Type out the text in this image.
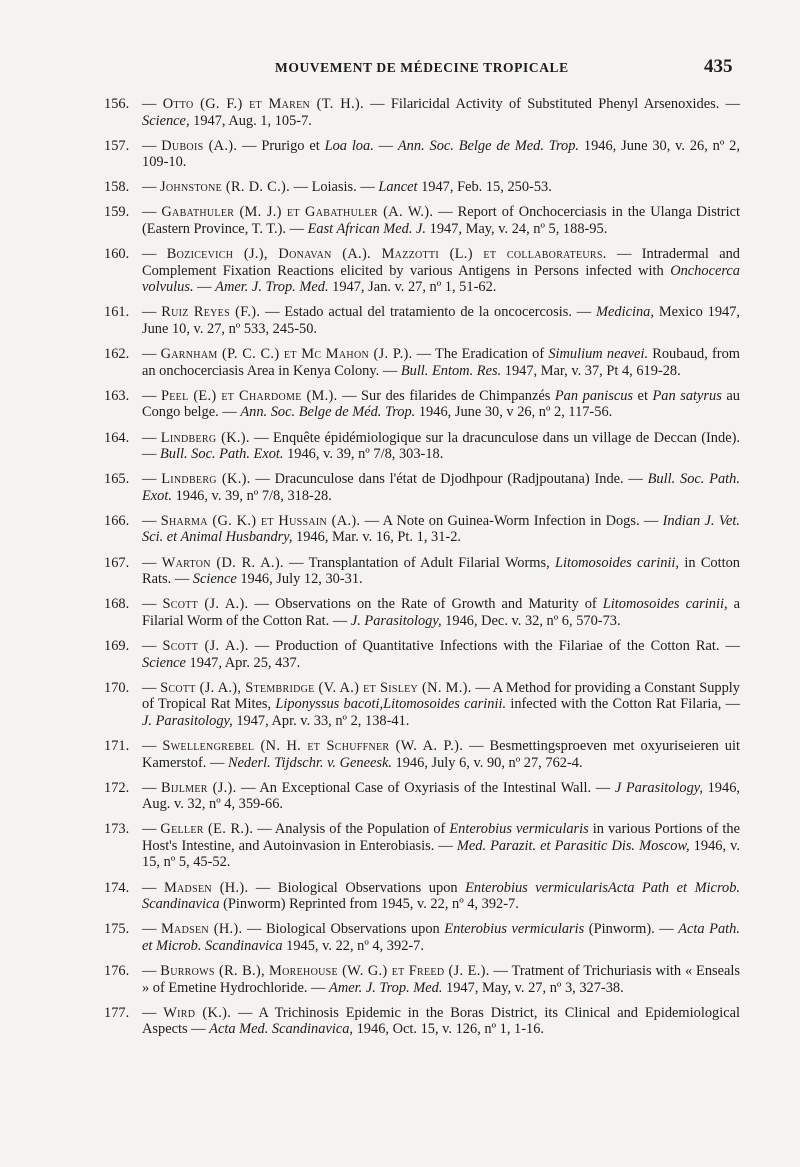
MOUVEMENT DE MÉDECINE TROPICALE	435
156. — Otto (G. F.) et Maren (T. H.). — Filaricidal Activity of Substituted Phenyl Arsenoxides. — Science, 1947, Aug. 1, 105-7.
157. — Dubois (A.). — Prurigo et Loa loa. — Ann. Soc. Belge de Med. Trop. 1946, June 30, v. 26, nº 2, 109-10.
158. — Johnstone (R. D. C.). — Loiasis. — Lancet 1947, Feb. 15, 250-53.
159. — Gabathuler (M. J.) et Gabathuler (A. W.). — Report of Onchocerciasis in the Ulanga District (Eastern Province, T. T.). — East African Med. J. 1947, May, v. 24, nº 5, 188-95.
160. — Bozicevich (J.), Donavan (A.). Mazzotti (L.) et collaborateurs. — Intradermal and Complement Fixation Reactions elicited by various Antigens in Persons infected with Onchocerca volvulus. — Amer. J. Trop. Med. 1947, Jan. v. 27, nº 1, 51-62.
161. — Ruiz Reyes (F.). — Estado actual del tratamiento de la oncocercosis. — Medicina, Mexico 1947, June 10, v. 27, nº 533, 245-50.
162. — Garnham (P. C. C.) et Mc Mahon (J. P.). — The Eradication of Simulium neavei. Roubaud, from an onchocerciasis Area in Kenya Colony. — Bull. Entom. Res. 1947, Mar, v. 37, Pt 4, 619-28.
163. — Peel (E.) et Chardome (M.). — Sur des filarides de Chimpanzés Pan paniscus et Pan satyrus au Congo belge. — Ann. Soc. Belge de Méd. Trop. 1946, June 30, v 26, nº 2, 117-56.
164. — Lindberg (K.). — Enquête épidémiologique sur la dracunculose dans un village de Deccan (Inde). — Bull. Soc. Path. Exot. 1946, v. 39, nº 7/8, 303-18.
165. — Lindberg (K.). — Dracunculose dans l'état de Djodhpour (Radjpoutana) Inde. — Bull. Soc. Path. Exot. 1946, v. 39, nº 7/8, 318-28.
166. — Sharma (G. K.) et Hussain (A.). — A Note on Guinea-Worm Infection in Dogs. — Indian J. Vet. Sci. et Animal Husbandry, 1946, Mar. v. 16, Pt. 1, 31-2.
167. — Warton (D. R. A.). — Transplantation of Adult Filarial Worms, Litomosoides carinii, in Cotton Rats. — Science 1946, July 12, 30-31.
168. — Scott (J. A.). — Observations on the Rate of Growth and Maturity of Litomosoides carinii, a Filarial Worm of the Cotton Rat. — J. Parasitology, 1946, Dec. v. 32, nº 6, 570-73.
169. — Scott (J. A.). — Production of Quantitative Infections with the Filariae of the Cotton Rat. — Science 1947, Apr. 25, 437.
170. — Scott (J. A.), Stembridge (V. A.) et Sisley (N. M.). — A Method for providing a Constant Supply of Tropical Rat Mites, Liponyssus bacoti,Litomosoides carinii. infected with the Cotton Rat Filaria, — J. Parasitology, 1947, Apr. v. 33, nº 2, 138-41.
171. — Swellengrebel (N. H. et Schuffner (W. A. P.). — Besmettingsproeven met oxyuriseieren uit Kamerstof. — Nederl. Tijdschr. v. Geneesk. 1946, July 6, v. 90, nº 27, 762-4.
172. — Bijlmer (J.). — An Exceptional Case of Oxyriasis of the Intestinal Wall. — J Parasitology, 1946, Aug. v. 32, nº 4, 359-66.
173. — Geller (E. R.). — Analysis of the Population of Enterobius vermicularis in various Portions of the Host's Intestine, and Autoinvasion in Enterobiasis. — Med. Parazit. et Parasitic Dis. Moscow, 1946, v. 15, nº 5, 45-52.
174. — Madsen (H.). — Biological Observations upon Enterobius vermicularisActa Path et Microb. Scandinavica (Pinworm) Reprinted from 1945, v. 22, nº 4, 392-7.
175. — Madsen (H.). — Biological Observations upon Enterobius vermicularis (Pinworm). — Acta Path. et Microb. Scandinavica 1945, v. 22, nº 4, 392-7.
176. — Burrows (R. B.), Morehouse (W. G.) et Freed (J. E.). — Tratment of Trichuriasis with « Enseals » of Emetine Hydrochloride. — Amer. J. Trop. Med. 1947, May, v. 27, nº 3, 327-38.
177. — Wird (K.). — A Trichinosis Epidemic in the Boras District, its Clinical and Epidemiological Aspects — Acta Med. Scandinavica, 1946, Oct. 15, v. 126, nº 1, 1-16.
